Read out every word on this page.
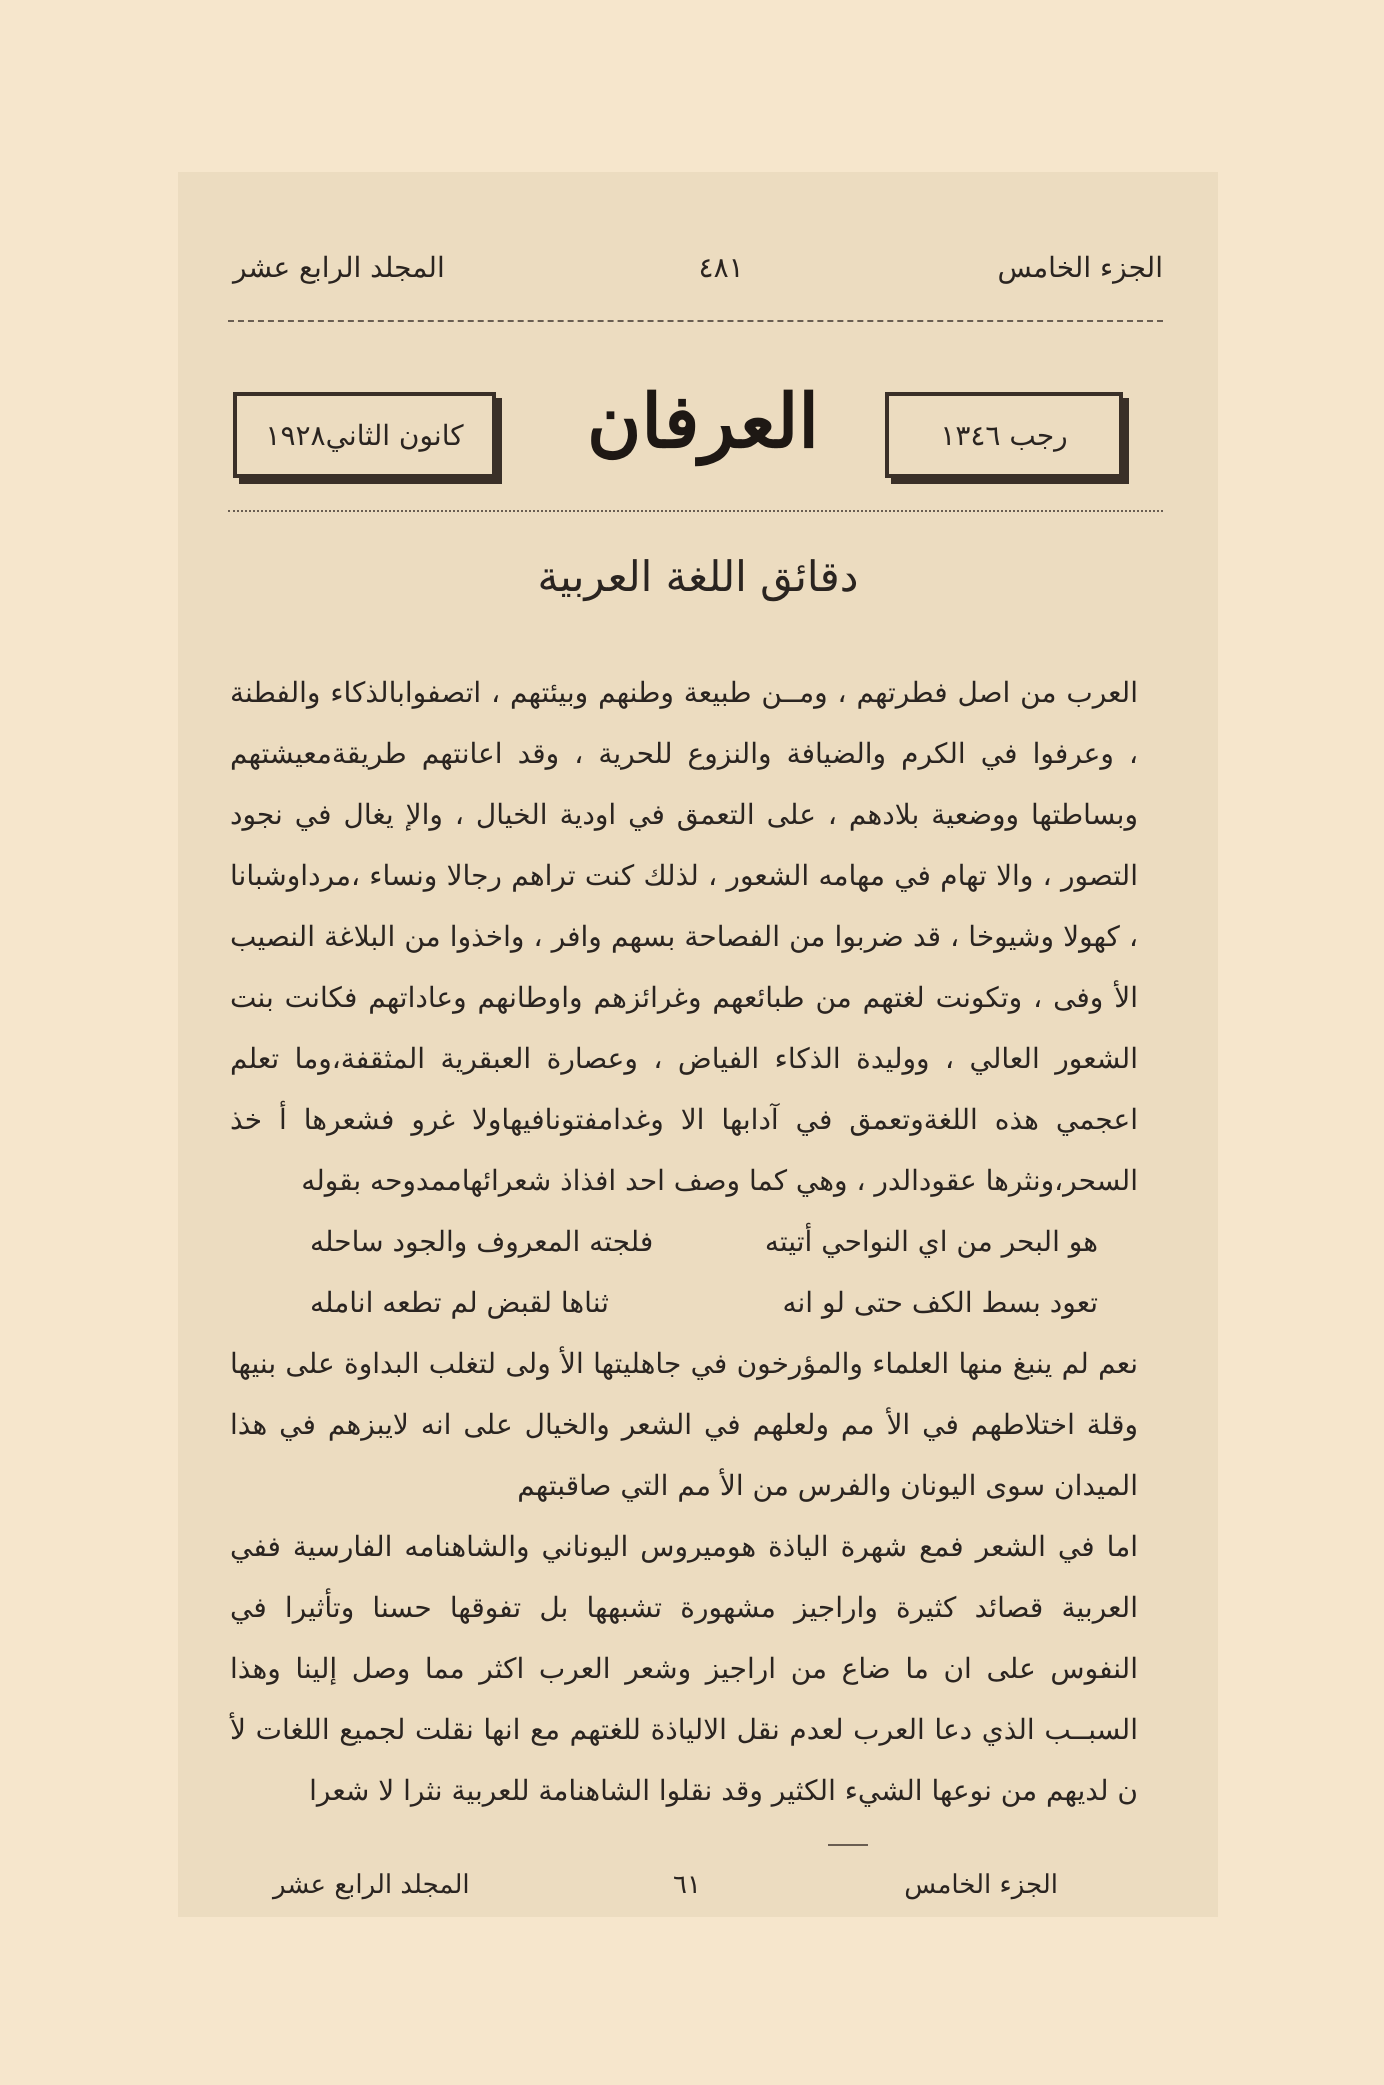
الجزء الخامس
٤٨١
المجلد الرابع عشر
رجب ١٣٤٦
العرفان
كانون الثاني١٩٢٨
دقائق اللغة العربية

العرب من اصل فطرتهم ، ومــن طبيعة وطنهم وبيئتهم ، اتصفوابالذكاء والفطنة ، وعرفوا في الكرم والضيافة والنزوع للحرية ، وقد اعانتهم طريقةمعيشتهم وبساطتها ووضعية بلادهم ، على التعمق في اودية الخيال ، والإ يغال في نجود التصور ، والا تهام في مهامه الشعور ، لذلك كنت تراهم رجالا ونساء ،مرداوشبانا ، كهولا وشيوخا ، قد ضربوا من الفصاحة بسهم وافر ، واخذوا من البلاغة النصيب الأ وفى ، وتكونت لغتهم من طبائعهم وغرائزهم واوطانهم وعاداتهم فكانت بنت الشعور العالي ، ووليدة الذكاء الفياض ، وعصارة العبقرية المثقفة،وما تعلم اعجمي هذه اللغةوتعمق في آدابها الا وغدامفتونافيهاولا غرو فشعرها أ خذ السحر،ونثرها عقودالدر ، وهي كما وصف احد افذاذ شعرائهاممدوحه بقوله

هو البحر من اي النواحي أتيته
فلجته المعروف والجود ساحله
تعود بسط الكف حتى لو انه
ثناها لقبض لم تطعه انامله

نعم لم ينبغ منها العلماء والمؤرخون في جاهليتها الأ ولى لتغلب البداوة على بنيها وقلة اختلاطهم في الأ مم ولعلهم في الشعر والخيال على انه لايبزهم في هذا الميدان سوى اليونان والفرس من الأ مم التي صاقبتهم

اما في الشعر فمع شهرة الياذة هوميروس اليوناني والشاهنامه الفارسية ففي العربية قصائد كثيرة واراجيز مشهورة تشبهها بل تفوقها حسنا وتأثيرا في النفوس على ان ما ضاع من اراجيز وشعر العرب اكثر مما وصل إلينا وهذا السبــب الذي دعا العرب لعدم نقل الالياذة للغتهم مع انها نقلت لجميع اللغات لأ ن لديهم من نوعها الشيء الكثير وقد نقلوا الشاهنامة للعربية نثرا لا شعرا

الجزء الخامس
٦١
المجلد الرابع عشر
